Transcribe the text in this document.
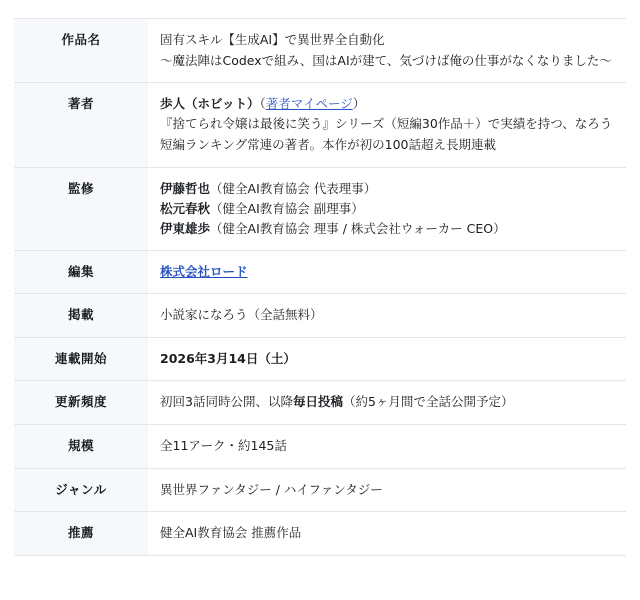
作品名	固有スキル【生成AI】で異世界全自動化
〜魔法陣はCodexで組み、国はAIが建て、気づけば俺の仕事がなくなりました〜

著者	歩人（ホビット）（著者マイページ）
『捨てられ令嬢は最後に笑う』シリーズ（短編30作品＋）で実績を持つ、なろう短編ランキング常連の著者。本作が初の100話超え長期連載

監修	伊藤哲也（健全AI教育協会 代表理事）
松元春秋（健全AI教育協会 副理事）
伊東雄歩（健全AI教育協会 理事 / 株式会社ウォーカー CEO）

編集	株式会社ロード
掲載	小説家になろう（全話無料）
連載開始	2026年3月14日（土）
更新頻度	初回3話同時公開、以降毎日投稿（約5ヶ月間で全話公開予定）
規模	全11アーク・約145話
ジャンル	異世界ファンタジー / ハイファンタジー
推薦	健全AI教育協会 推薦作品
